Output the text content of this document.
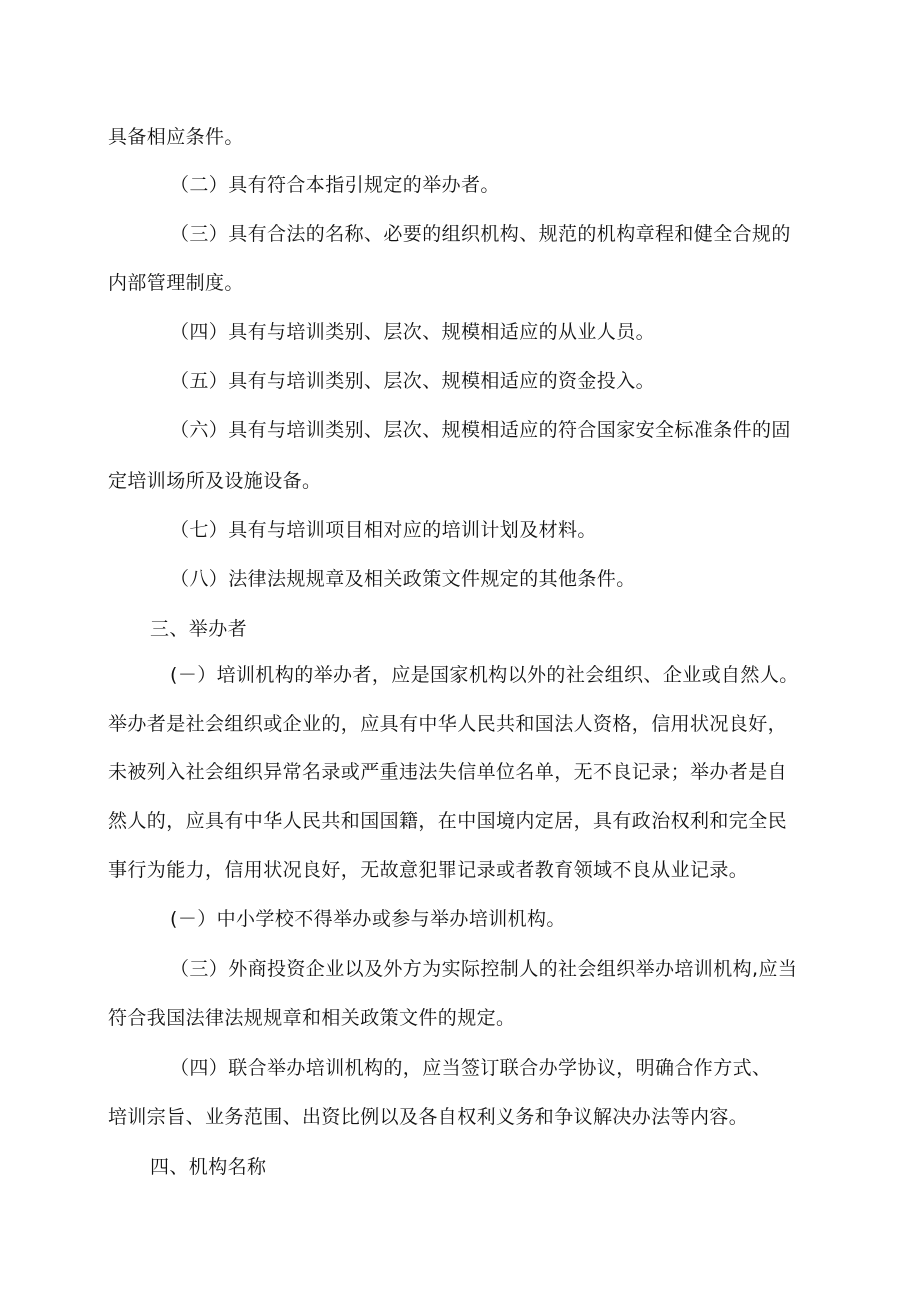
具备相应条件。
（二）具有符合本指引规定的举办者。
（三）具有合法的名称、必要的组织机构、规范的机构章程和健全合规的
内部管理制度。
（四）具有与培训类别、层次、规模相适应的从业人员。
（五）具有与培训类别、层次、规模相适应的资金投入。
（六）具有与培训类别、层次、规模相适应的符合国家安全标准条件的固
定培训场所及设施设备。
（七）具有与培训项目相对应的培训计划及材料。
（八）法律法规规章及相关政策文件规定的其他条件。
三、举办者
(－）培训机构的举办者，应是国家机构以外的社会组织、企业或自然人。
举办者是社会组织或企业的，应具有中华人民共和国法人资格，信用状况良好，
未被列入社会组织异常名录或严重违法失信单位名单，无不良记录；举办者是自
然人的，应具有中华人民共和国国籍，在中国境内定居，具有政治权利和完全民
事行为能力，信用状况良好，无故意犯罪记录或者教育领域不良从业记录。
(－）中小学校不得举办或参与举办培训机构。
（三）外商投资企业以及外方为实际控制人的社会组织举办培训机构,应当
符合我国法律法规规章和相关政策文件的规定。
（四）联合举办培训机构的，应当签订联合办学协议，明确合作方式、
培训宗旨、业务范围、出资比例以及各自权利义务和争议解决办法等内容。
四、机构名称
